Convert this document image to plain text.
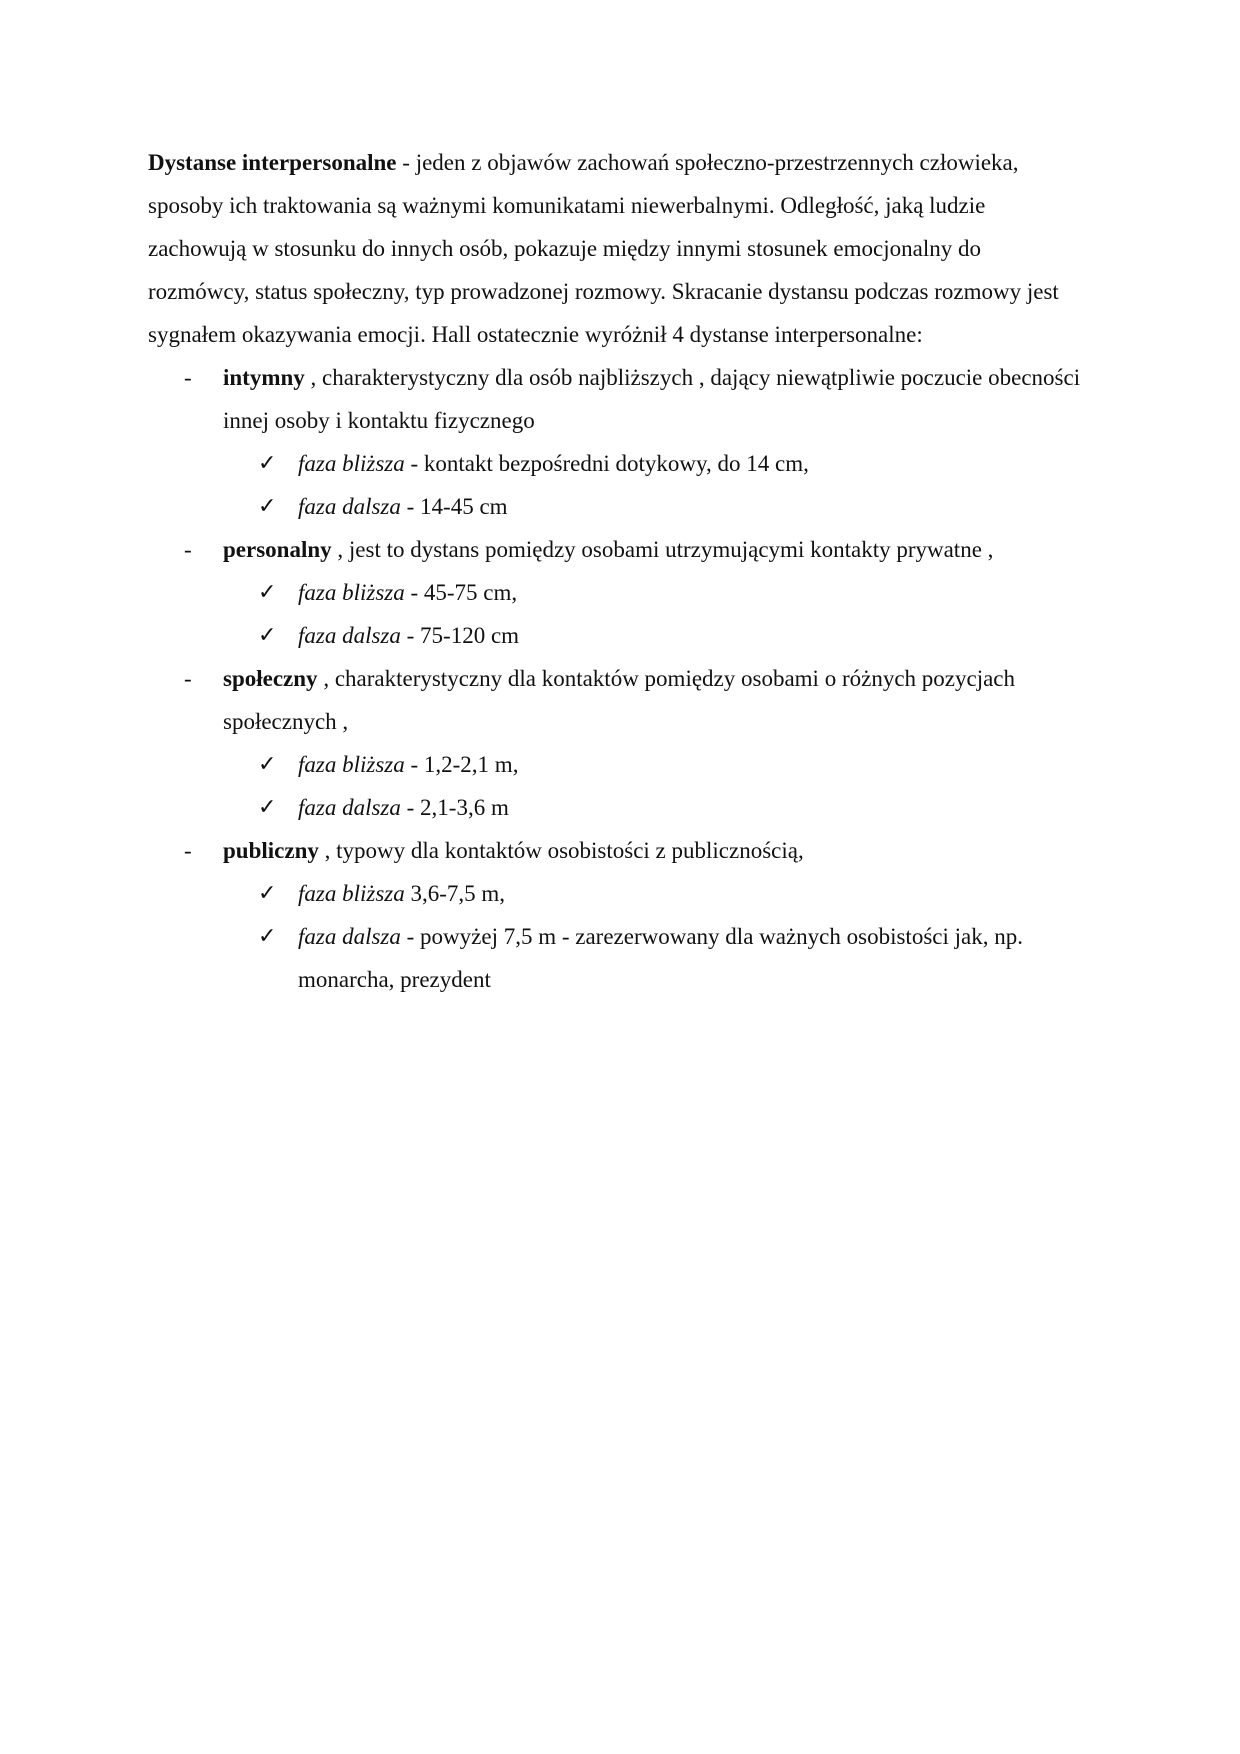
Dystanse interpersonalne - jeden z objawów zachowań społeczno-przestrzennych człowieka, sposoby ich traktowania są ważnymi komunikatami niewerbalnymi. Odległość, jaką ludzie zachowują w stosunku do innych osób, pokazuje między innymi stosunek emocjonalny do rozmówcy, status społeczny, typ prowadzonej rozmowy. Skracanie dystansu podczas rozmowy jest sygnałem okazywania emocji. Hall ostatecznie wyróżnił 4 dystanse interpersonalne:

- intymny , charakterystyczny dla osób najbliższych , dający niewątpliwie poczucie obecności innej osoby i kontaktu fizycznego
✓ faza bliższa - kontakt bezpośredni dotykowy, do 14 cm,
✓ faza dalsza - 14-45 cm
- personalny , jest to dystans pomiędzy osobami utrzymującymi kontakty prywatne ,
✓ faza bliższa - 45-75 cm,
✓ faza dalsza - 75-120 cm
- społeczny , charakterystyczny dla kontaktów pomiędzy osobami o różnych pozycjach społecznych ,
✓ faza bliższa - 1,2-2,1 m,
✓ faza dalsza - 2,1-3,6 m
- publiczny , typowy dla kontaktów osobistości z publicznością,
✓ faza bliższa 3,6-7,5 m,
✓ faza dalsza - powyżej 7,5 m - zarezerwowany dla ważnych osobistości jak, np. monarcha, prezydent
